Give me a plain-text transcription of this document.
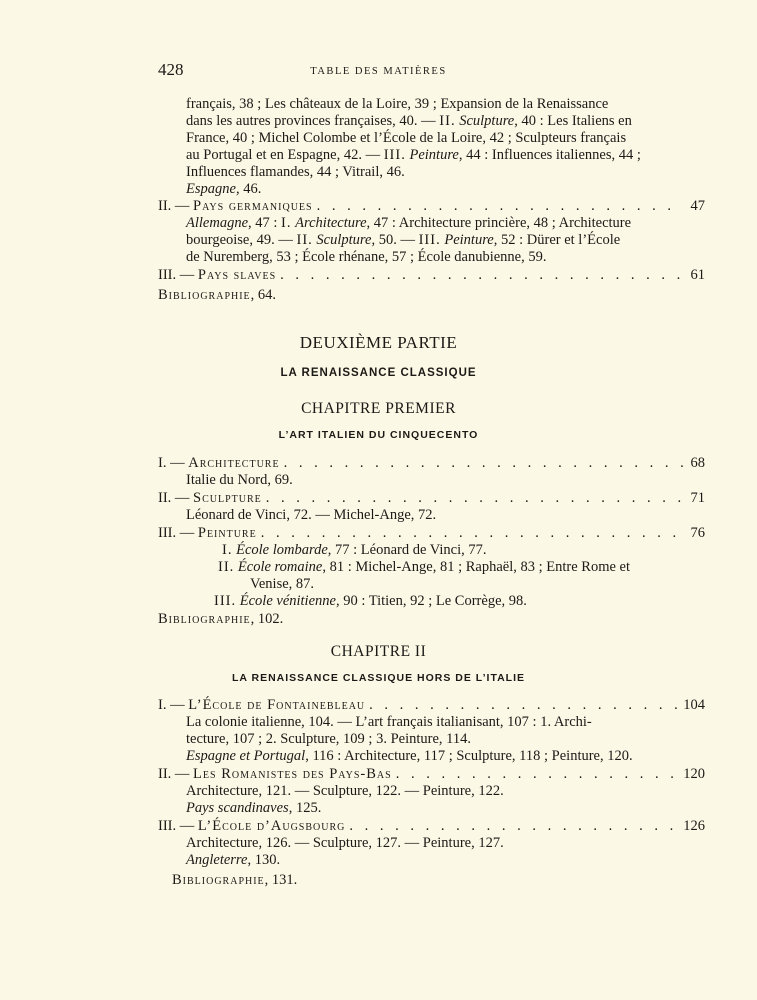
428	TABLE DES MATIÈRES
français, 38 ; Les châteaux de la Loire, 39 ; Expansion de la Renaissance
dans les autres provinces françaises, 40. — II. Sculpture, 40 : Les Italiens en
France, 40 ; Michel Colombe et l’École de la Loire, 42 ; Sculpteurs français
au Portugal et en Espagne, 42. — III. Peinture, 44 : Influences italiennes, 44 ;
Influences flamandes, 44 ; Vitrail, 46.
Espagne, 46.
II. — Pays germaniques . . .	47
Allemagne, 47 : I. Architecture, 47 : Architecture princière, 48 ; Architecture
bourgeoise, 49. — II. Sculpture, 50. — III. Peinture, 52 : Dürer et l’École
de Nuremberg, 53 ; École rhénane, 57 ; École danubienne, 59.
III. — Pays slaves . . .	61
Bibliographie, 64.
DEUXIÈME PARTIE
LA RENAISSANCE CLASSIQUE
CHAPITRE PREMIER
L’ART ITALIEN DU CINQUECENTO
I. — Architecture . . .	68
Italie du Nord, 69.
II. — Sculpture . . .	71
Léonard de Vinci, 72. — Michel-Ange, 72.
III. — Peinture . . .	76
I. École lombarde, 77 : Léonard de Vinci, 77.
II. École romaine, 81 : Michel-Ange, 81 ; Raphaël, 83 ; Entre Rome et
Venise, 87.
III. École vénitienne, 90 : Titien, 92 ; Le Corrège, 98.
Bibliographie, 102.
CHAPITRE II
LA RENAISSANCE CLASSIQUE HORS DE L’ITALIE
I. — L’École de Fontainebleau . . .	104
La colonie italienne, 104. — L’art français italianisant, 107 : 1. Archi-
tecture, 107 ; 2. Sculpture, 109 ; 3. Peinture, 114.
Espagne et Portugal, 116 : Architecture, 117 ; Sculpture, 118 ; Peinture, 120.
II. — Les Romanistes des Pays-Bas . . .	120
Architecture, 121. — Sculpture, 122. — Peinture, 122.
Pays scandinaves, 125.
III. — L’École d’Augsbourg . . .	126
Architecture, 126. — Sculpture, 127. — Peinture, 127.
Angleterre, 130.
Bibliographie, 131.
